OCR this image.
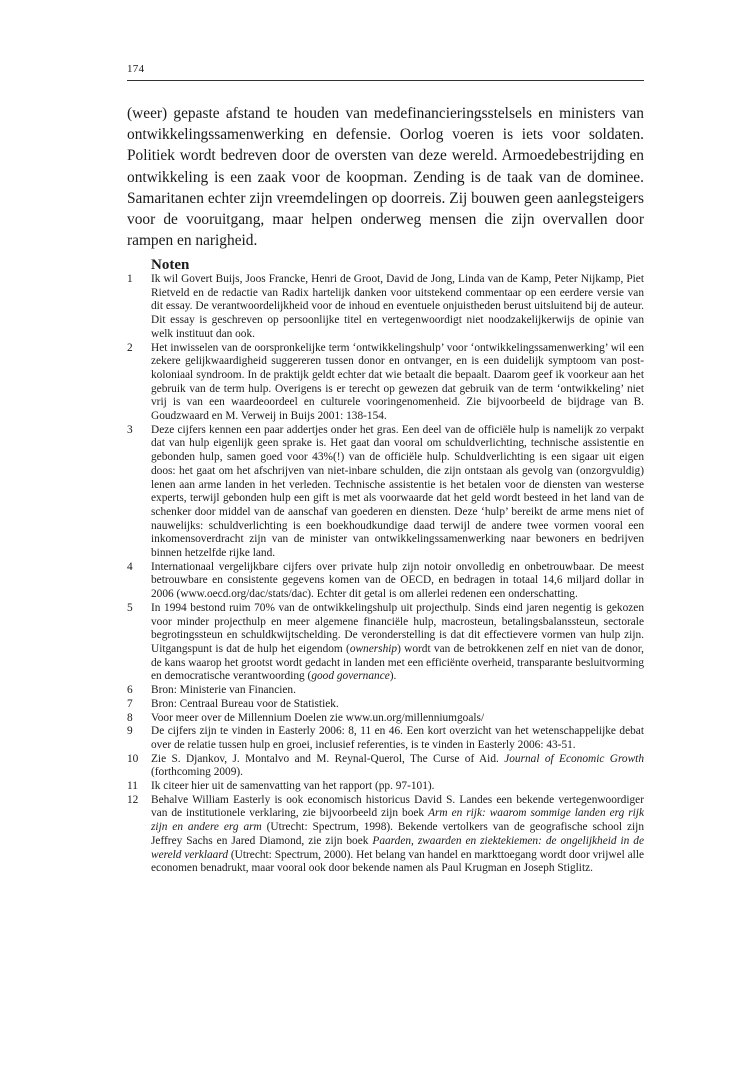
174

(weer) gepaste afstand te houden van medefinancieringsstelsels en ministers van ontwikkelingssamenwerking en defensie. Oorlog voeren is iets voor soldaten. Politiek wordt bedreven door de oversten van deze wereld. Armoedebestrijding en ontwikkeling is een zaak voor de koopman. Zending is de taak van de dominee. Samaritanen echter zijn vreemdelingen op doorreis. Zij bouwen geen aanlegsteigers voor de vooruitgang, maar helpen onderweg mensen die zijn overvallen door rampen en narigheid.

Noten
1 Ik wil Govert Buijs, Joos Francke, Henri de Groot, David de Jong, Linda van de Kamp, Peter Nijkamp, Piet Rietveld en de redactie van Radix hartelijk danken voor uitstekend commentaar op een eerdere versie van dit essay. De verantwoordelijkheid voor de inhoud en eventuele onjuistheden berust uitsluitend bij de auteur. Dit essay is geschreven op persoonlijke titel en vertegenwoordigt niet noodzakelijkerwijs de opinie van welk instituut dan ook.
2 Het inwisselen van de oorspronkelijke term ‘ontwikkelingshulp’ voor ‘ontwikkelingssamenwerking’ wil een zekere gelijkwaardigheid suggereren tussen donor en ontvanger, en is een duidelijk symptoom van post-koloniaal syndroom. In de praktijk geldt echter dat wie betaalt die bepaalt. Daarom geef ik voorkeur aan het gebruik van de term hulp. Overigens is er terecht op gewezen dat gebruik van de term ‘ontwikkeling’ niet vrij is van een waardeoordeel en culturele vooringenomenheid. Zie bijvoorbeeld de bijdrage van B. Goudzwaard en M. Verweij in Buijs 2001: 138-154.
3 Deze cijfers kennen een paar addertjes onder het gras. Een deel van de officiële hulp is namelijk zo verpakt dat van hulp eigenlijk geen sprake is. Het gaat dan vooral om schuldverlichting, technische assistentie en gebonden hulp, samen goed voor 43%(!) van de officiële hulp. Schuldverlichting is een sigaar uit eigen doos: het gaat om het afschrijven van niet-inbare schulden, die zijn ontstaan als gevolg van (onzorgvuldig) lenen aan arme landen in het verleden. Technische assistentie is het betalen voor de diensten van westerse experts, terwijl gebonden hulp een gift is met als voorwaarde dat het geld wordt besteed in het land van de schenker door middel van de aanschaf van goederen en diensten. Deze ‘hulp’ bereikt de arme mens niet of nauwelijks: schuldverlichting is een boekhoudkundige daad terwijl de andere twee vormen vooral een inkomensoverdracht zijn van de minister van ontwikkelingssamenwerking naar bewoners en bedrijven binnen hetzelfde rijke land.
4 Internationaal vergelijkbare cijfers over private hulp zijn notoir onvolledig en onbetrouwbaar. De meest betrouwbare en consistente gegevens komen van de OECD, en bedragen in totaal 14,6 miljard dollar in 2006 (www.oecd.org/dac/stats/dac). Echter dit getal is om allerlei redenen een onderschatting.
5 In 1994 bestond ruim 70% van de ontwikkelingshulp uit projecthulp. Sinds eind jaren negentig is gekozen voor minder projecthulp en meer algemene financiële hulp, macrosteun, betalingsbalanssteun, sectorale begrotingssteun en schuldkwijtschelding. De veronderstelling is dat dit effectievere vormen van hulp zijn. Uitgangspunt is dat de hulp het eigendom (ownership) wordt van de betrokkenen zelf en niet van de donor, de kans waarop het grootst wordt gedacht in landen met een efficiënte overheid, transparante besluitvorming en democratische verantwoording (good governance).
6 Bron: Ministerie van Financien.
7 Bron: Centraal Bureau voor de Statistiek.
8 Voor meer over de Millennium Doelen zie www.un.org/millenniumgoals/
9 De cijfers zijn te vinden in Easterly 2006: 8, 11 en 46. Een kort overzicht van het wetenschappelijke debat over de relatie tussen hulp en groei, inclusief referenties, is te vinden in Easterly 2006: 43-51.
10 Zie S. Djankov, J. Montalvo and M. Reynal-Querol, The Curse of Aid. Journal of Economic Growth (forthcoming 2009).
11 Ik citeer hier uit de samenvatting van het rapport (pp. 97-101).
12 Behalve William Easterly is ook economisch historicus David S. Landes een bekende vertegenwoordiger van de institutionele verklaring, zie bijvoorbeeld zijn boek Arm en rijk: waarom sommige landen erg rijk zijn en andere erg arm (Utrecht: Spectrum, 1998). Bekende vertolkers van de geografische school zijn Jeffrey Sachs en Jared Diamond, zie zijn boek Paarden, zwaarden en ziektekiemen: de ongelijkheid in de wereld verklaard (Utrecht: Spectrum, 2000). Het belang van handel en markttoegang wordt door vrijwel alle economen benadrukt, maar vooral ook door bekende namen als Paul Krugman en Joseph Stiglitz.
